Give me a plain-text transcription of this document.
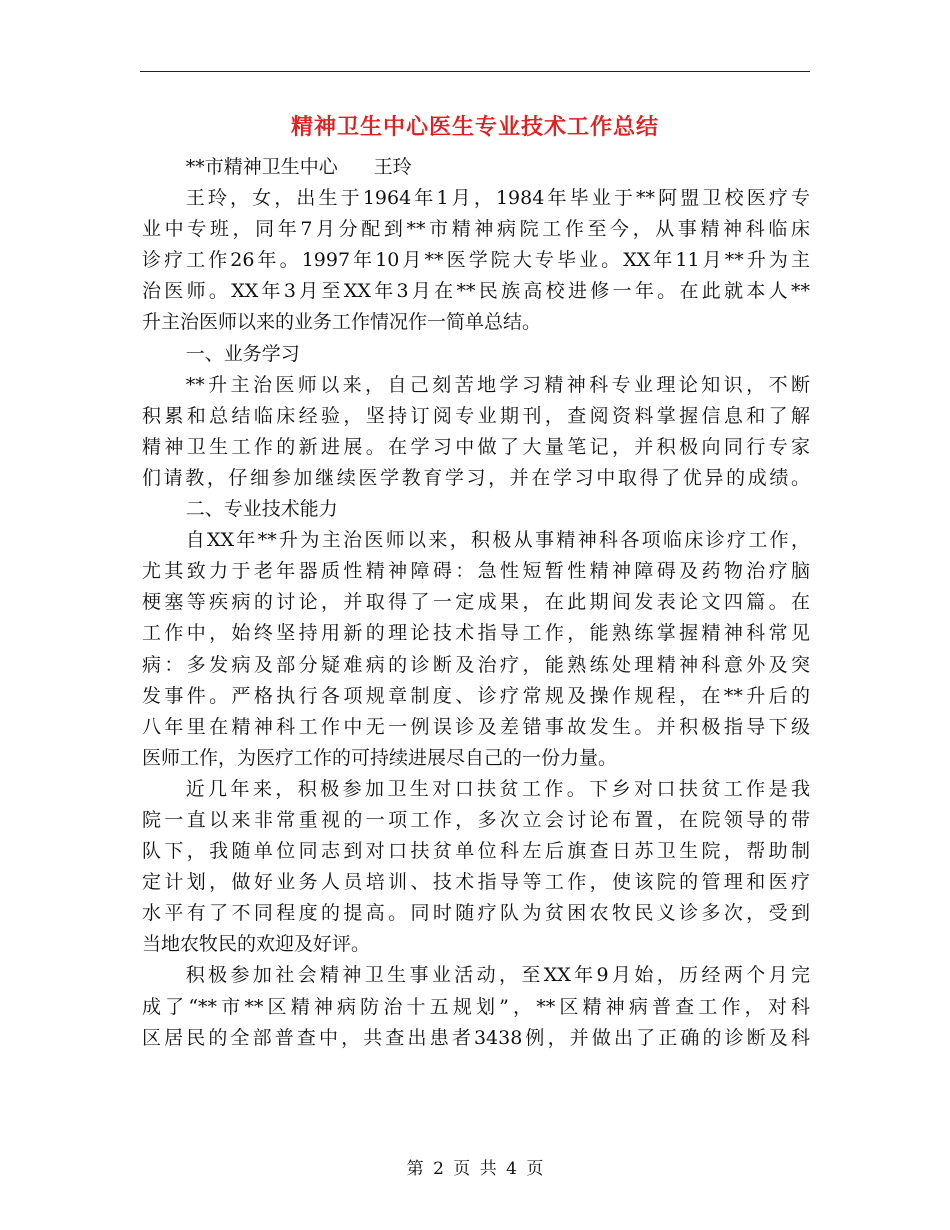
精神卫生中心医生专业技术工作总结

**市精神卫生中心 王玲

王玲，女，出生于1964年1月，1984年毕业于**阿盟卫校医疗专

业中专班，同年7月分配到**市精神病院工作至今，从事精神科临床

诊疗工作26年。1997年10月**医学院大专毕业。XX年11月**升为主

治医师。XX年3月至XX年3月在**民族高校进修一年。在此就本人**

升主治医师以来的业务工作情况作一简单总结。

一、业务学习

**升主治医师以来，自己刻苦地学习精神科专业理论知识，不断

积累和总结临床经验，坚持订阅专业期刊，查阅资料掌握信息和了解

精神卫生工作的新进展。在学习中做了大量笔记，并积极向同行专家

们请教，仔细参加继续医学教育学习，并在学习中取得了优异的成绩。

二、专业技术能力

自XX年**升为主治医师以来，积极从事精神科各项临床诊疗工作，

尤其致力于老年器质性精神障碍：急性短暂性精神障碍及药物治疗脑

梗塞等疾病的讨论，并取得了一定成果，在此期间发表论文四篇。在

工作中，始终坚持用新的理论技术指导工作，能熟练掌握精神科常见

病：多发病及部分疑难病的诊断及治疗，能熟练处理精神科意外及突

发事件。严格执行各项规章制度、诊疗常规及操作规程，在**升后的

八年里在精神科工作中无一例误诊及差错事故发生。并积极指导下级

医师工作，为医疗工作的可持续进展尽自己的一份力量。

近几年来，积极参加卫生对口扶贫工作。下乡对口扶贫工作是我

院一直以来非常重视的一项工作，多次立会讨论布置，在院领导的带

队下，我随单位同志到对口扶贫单位科左后旗查日苏卫生院，帮助制

定计划，做好业务人员培训、技术指导等工作，使该院的管理和医疗

水平有了不同程度的提高。同时随疗队为贫困农牧民义诊多次，受到

当地农牧民的欢迎及好评。

积极参加社会精神卫生事业活动，至XX年9月始，历经两个月完

成了“**市**区精神病防治十五规划”，**区精神病普查工作，对科

区居民的全部普查中，共查出患者3438例，并做出了正确的诊断及科

第 2 页 共 4 页
